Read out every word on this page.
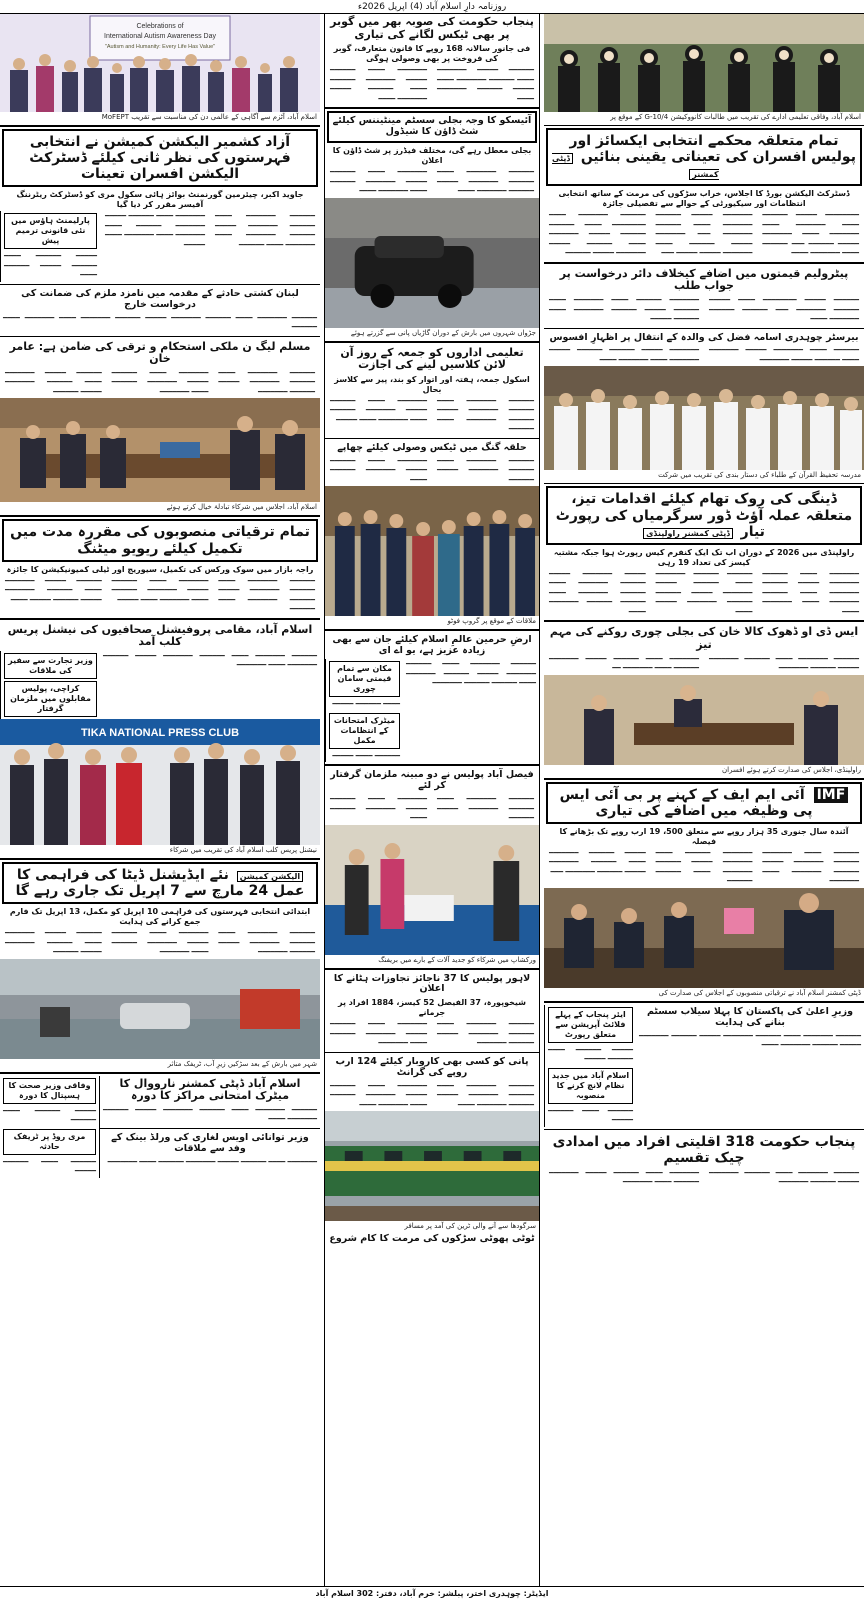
روزنامہ دارِ اسلام آباد (4) اپریل 2026ء
اسلام آباد، وفاقی تعلیمی ادارے کی تقریب میں طالبات کانووکیشن G-10/4 کے موقع پر
تمام متعلقہ محکمے انتخابی ایکسائز اور پولیس افسران کی تعیناتی یقینی بنائیں ڈپٹی کمشنر
ڈسٹرکٹ الیکشن بورڈ کا اجلاس، خراب سڑکوں کی مرمت کے ساتھ انتخابی انتظامات اور سیکیورٹی کے حوالے سے تفصیلی جائزہ
━━━━━━━━ ━━━━━ ━━━━━━ ━━━━ ━━━━━━━ ━━━━ ━━━━━━━ ━━━━ ━━━━━━━ ━━━━━ ━━━━━━ ━━━ ━━━━━━ ━━━━ ━━━━━━━ ━━━━
━━━━━━━ ━━━━━ ━━━━━━ ━━━━━━━ ━━━━ ━━━━━━ ━━━━━━━ ━━━ ━━━━━━━ ━━━━━ ━━━━━━ ━━━━ ━━━━━━━ ━━━━━ ━━━━━ ━━━
━━━━━━ ━━━━━━━ ━━━━ ━━━━━━━━ ━━━━ ━━━━━━ ━━━━━━ ━━━━━ ━━━━━━━ ━━━━ ━━━━━━ ━━━━━ ━━━━━━━ ━━━━━ ━━━━━━
پیٹرولیم قیمتوں میں اضافے کیخلاف دائر درخواست پر جواب طلب
━━━━━━ ━━━━━ ━━━━━━━━ ━━━━ ━━━━━ ━━━━━━ ━━━━━━━ ━━━ ━━━━━━ ━━━━━━ ━━━━━━━ ━━━━
━━━━━━━ ━━━━━━ ━━━━ ━━━━━━━ ━━━━ ━━━━━━ ━━━━━ ━━━━━━ ━━━━━━━ ━━━━ ━━━━━━ ━━━━━
بیرسٹر چوہدری اسامہ فضل کی والدہ کے انتقال پر اظہارِ افسوس
━━━━━━ ━━━━ ━━━━━━━ ━━━━━ ━━━━━━━ ━━━━ ━━━━━━ ━━━━━ ━━━━━━━
━━━━━━━ ━━━━━ ━━━━━━ ━━━━━━ ━━━━━ ━━━━━━━ ━━━━ ━━━━━━━ ━━━━
مدرسہ تحفیظ القرآن کے طلباء کی دستار بندی کی تقریب میں شرکت
ڈینگی کی روک تھام کیلئے اقدامات تیز، متعلقہ عملہ آؤٹ ڈور سرگرمیاں کی رپورٹ تیار ڈپٹی کمشنر راولپنڈی
راولپنڈی میں 2026 کے دوران اب تک ایک کنفرم کیس رپورٹ ہوا جبکہ مشتبہ کیسز کی تعداد 19 رہی
━━━━━━━ ━━━━ ━━━━━━ ━━━━━━━ ━━━━━ ━━━━━━ ━━━━━━━ ━━━━ ━━━━━━ ━━━━━━━ ━━━━ ━━━━━━━ ━━━━
━━━━━━ ━━━━━━ ━━━━━━━ ━━━━ ━━━━━━ ━━━━━ ━━━━━━━ ━━━━━ ━━━━━━ ━━━━━━ ━━━━━━━ ━━━━━ ━━━━
━━━━━ ━━━━━━━ ━━━━━ ━━━━━━ ━━━━━━━ ━━━━ ━━━━━━ ━━━━━━━ ━━━━ ━━━━━━ ━━━━━━ ━━━━━━━ ━━━━
ایس ڈی او ڈھوک کالا خان کی بجلی چوری روکنے کی مہم تیز
━━━━━━ ━━━━━━━ ━━━━ ━━━━━━ ━━━━━━━ ━━━━━ ━━━━━━ ━━━━━━━
━━━━━━━ ━━━━ ━━━━━━ ━━━━━ ━━━━━━━ ━━━━━━ ━━━━ ━━━━━━━ ━━
راولپنڈی، اجلاس کی صدارت کرتے ہوئے افسران
IMF آئی ایم ایف کے کہنے پر بی آئی ایس پی وظیفہ میں اضافے کی تیاری
آئندہ سال جنوری 35 ہزار روپے سے متعلق 500، 19 ارب روپے تک بڑھانے کا فیصلہ
━━━━━━ ━━━━ ━━━━━━━ ━━━━━━ ━━━━━━━ ━━━━━ ━━━━━━ ━━━━━━━ ━━━━ ━━━━━━━
━━━━━━━ ━━━━━━ ━━━━ ━━━━━━━ ━━━━━ ━━━━━━ ━━━━━━━ ━━━━ ━━━━━━ ━━━━━━
━━━━━ ━━━━━━ ━━━━━━━ ━━━━ ━━━━━━ ━━━━━━━ ━━━━━ ━━━━━━ ━━━━━━━ ━━━
ڈپٹی کمشنر اسلام آباد نے ترقیاتی منصوبوں کے اجلاس کی صدارت کی
وزیرِ اعلیٰ کی پاکستان کا پہلا سیلاب سسٹم بنانے کی ہدایت
━━━━━━ ━━━━━━━ ━━━━ ━━━━━━ ━━━━━━━ ━━━━━ ━━━━━━ ━━━━━━━ ━━━━━ ━━━━━━ ━━━━━━━ ━━━━
ایئر پنجاب کے پہلے فلائٹ آپریشن سے متعلق رپورٹ
━━━━━ ━━━━━━ ━━━━ ━━━━━━ ━━━━━
اسلام آباد میں جدید نظام لانچ کرنے کا منصوبہ
━━━━━━ ━━━━ ━━━━━━ ━━━━━
پنجاب حکومت 318 اقلیتی افراد میں امدادی چیک تقسیم
━━━━━━ ━━━━━━━ ━━━━ ━━━━━━ ━━━━━━━ ━━━━━ ━━━━━━ ━━━━━━━
━━━━━━━ ━━━━ ━━━━━━ ━━━━━ ━━━━━━━ ━━━━━━ ━━━━ ━━━━━━━
پنجاب حکومت کی صوبہ بھر میں گوبر پر بھی ٹیکس لگانے کی تیاری
فی جانور سالانہ 168 روپے کا قانون متعارف، گوبر کی فروخت پر بھی وصولی ہوگی
━━━━━━ ━━━━━ ━━━━━━━ ━━━━ ━━━━━━ ━━━━━━━ ━━━━ ━━━━━ ━━━━━━ ━━━━━━━ ━━━━
━━━━━━━ ━━━━ ━━━━━━ ━━━━━ ━━━━━━━ ━━━━━━ ━━━━ ━━━━━━ ━━━━━ ━━━━━━━ ━━━━
آئیسکو کا وجہ بجلی سسٹم مینٹیننس کیلئے شٹ ڈاؤن کا شیڈول
بجلی معطل رہے گی، مختلف فیڈرز پر شٹ ڈاؤن کا اعلان
━━━━━━ ━━━━━━━ ━━━━ ━━━━━━ ━━━━━━━ ━━━━━ ━━━━━━ ━━━━━━━ ━━━━
━━━━━━━ ━━━━ ━━━━━━ ━━━━━ ━━━━━━━ ━━━━━━ ━━━━ ━━━━━━━ ━━━━
جڑواں شہروں میں بارش کے دوران گاڑیاں پانی سے گزرتے ہوئے
تعلیمی اداروں کو جمعہ کے روز آن لائن کلاسیں لینے کی اجازت
اسکول جمعہ، ہفتہ اور اتوار کو بند، پیر سے کلاسز بحال
━━━━━━ ━━━━━━━ ━━━━ ━━━━━━ ━━━━━━━ ━━━━━ ━━━━━━ ━━━━━━━ ━━━━ ━━━━━━
━━━━━━━ ━━━━ ━━━━━━ ━━━━━ ━━━━━━━ ━━━━━━ ━━━━ ━━━━━━━ ━━━━ ━━━━━
حلقہ گنگ میں ٹیکس وصولی کیلئے چھاپے
━━━━━━ ━━━━━━━ ━━━━ ━━━━━━ ━━━━━━━ ━━━━━ ━━━━━━
━━━━━━━ ━━━━ ━━━━━━ ━━━━━ ━━━━━━━ ━━━━━━ ━━━━
ملاقات کے موقع پر گروپ فوٹو
ارضِ حرمین عالمِ اسلام کیلئے جان سے بھی زیادہ عزیز ہے، یو اے ای
━━━━━━ ━━━━━━━ ━━━━ ━━━━━━ ━━━━━━━ ━━━━━ ━━━━━━ ━━━━━━━ ━━━━ ━━━━━━ ━━━━━━ ━━━━━━━
مکان سے تمام قیمتی سامان چوری
━━━━ ━━━━━━ ━━━━━
میٹرک امتحانات کے انتظامات مکمل
━━━━━━ ━━━━ ━━━━━
فیصل آباد پولیس نے دو مبینہ ملزمان گرفتار کر لئے
━━━━━━ ━━━━━━━ ━━━━ ━━━━━━ ━━━━━━━ ━━━━━ ━━━━━━
━━━━━━━ ━━━━ ━━━━━━ ━━━━━ ━━━━━━━ ━━━━━━ ━━━━
ورکشاپ میں شرکاء کو جدید آلات کے بارے میں بریفنگ
لاہور پولیس کا 37 ناجائز تجاوزات ہٹانے کا اعلان
شیخوپورہ، 37 الفیصل 52 کیسز، 1884 افراد پر جرمانے
━━━━━━ ━━━━━━━ ━━━━ ━━━━━━ ━━━━━━━ ━━━━━ ━━━━━━ ━━━━━━━
━━━━━━━ ━━━━ ━━━━━━ ━━━━━ ━━━━━━━ ━━━━━━ ━━━━ ━━━━━━━
پانی کو کسی بھی کاروبار کیلئے 124 ارب روپے کی گرانٹ
━━━━━━ ━━━━━━━ ━━━━ ━━━━━━ ━━━━━━━ ━━━━━ ━━━━━━ ━━━━━━━ ━━━━
━━━━━━━ ━━━━ ━━━━━━ ━━━━━ ━━━━━━━ ━━━━━━ ━━━━ ━━━━━━━ ━━━━
سرگودھا سے آنے والی ٹرین کی آمد پر مسافر
ٹوٹی پھوٹی سڑکوں کی مرمت کا کام شروع
Celebrations of
International Autism Awareness Day
"Autism and Humanity: Every Life Has Value"
اسلام آباد، آٹزم سے آگاہی کے عالمی دن کی مناسبت سے تقریب MoFEPT
آزاد کشمیر الیکشن کمیشن نے انتخابی فہرستوں کی نظر ثانی کیلئے ڈسٹرکٹ الیکشن افسران تعینات
جاوید اکبر، چیئرمین گورنمنٹ بوائز ہائی سکول مری کو ڈسٹرکٹ ریٹرننگ آفیسر مقرر کر دیا گیا
━━━━━━ ━━━━━━━ ━━━━ ━━━━━━ ━━━━━━━ ━━━━━ ━━━━━━ ━━━━━━━ ━━━━ ━━━━━━━ ━━━━ ━━━━━━
━━━━━━━ ━━━━ ━━━━━━ ━━━━━ ━━━━━━━ ━━━━━━ ━━━━ ━━━━━━━ ━━━━ ━━━━━━━ ━━━━ ━━━━━
پارلیمنٹ ہاؤس میں نئی قانونی ترمیم پیش
━━━━━ ━━━━━━ ━━━━ ━━━━━━ ━━━━━ ━━━━━━ ━━━━
لبنان کشتی حادثے کے مقدمہ میں نامزد ملزم کی ضمانت کی درخواست خارج
━━━━━━ ━━━━━━━ ━━━━ ━━━━━━ ━━━━━━━ ━━━━━ ━━━━━━ ━━━━━━━ ━━━━ ━━━━━━━ ━━━━ ━━━━━━
مسلم لیگ ن ملکی استحکام و ترقی کی ضامن ہے: عامر خان
━━━━━━ ━━━━━━━ ━━━━ ━━━━━━ ━━━━━━━ ━━━━━ ━━━━━━ ━━━━━━━
━━━━━━━ ━━━━ ━━━━━━ ━━━━━ ━━━━━━━ ━━━━━━ ━━━━ ━━━━━━━
━━━━━━ ━━━━━ ━━━━━━━ ━━━━ ━━━━━━ ━━━━━━━ ━━━━━ ━━━━━━
اسلام آباد، اجلاس میں شرکاء تبادلۂ خیال کرتے ہوئے
تمام ترقیاتی منصوبوں کی مقررہ مدت میں تکمیل کیلئے ریویو میٹنگ
راجہ بازار میں سوک ورکس کی تکمیل، سیوریج اور ٹیلی کمیونیکیشن کا جائزہ
━━━━━━ ━━━━━━━ ━━━━ ━━━━━━ ━━━━━━━ ━━━━━ ━━━━━━ ━━━━━━━ ━━━━ ━━━━━━
━━━━━━━ ━━━━ ━━━━━━ ━━━━━ ━━━━━━━ ━━━━━━ ━━━━ ━━━━━━━ ━━━━ ━━━━━
━━━━━━ ━━━━━ ━━━━━━━ ━━━━ ━━━━━━ ━━━━━━━ ━━━━━ ━━━━━━ ━━━━━ ━━━━
اسلام آباد، مقامی پروفیشنل صحافیوں کی نیشنل پریس کلب آمد
━━━━━━ ━━━━━━━ ━━━━ ━━━━━━ ━━━━━━━ ━━━━━ ━━━━━━ ━━━━━━━ ━━━━ ━━━━━━━
وزیر تجارت سے سفیر کی ملاقات
کراچی، پولیس مقابلوں میں ملزمان گرفتار
TIKA NATIONAL PRESS CLUB
نیشنل پریس کلب اسلام آباد کی تقریب میں شرکاء
الیکشن کمیشن نئے ایڈیشنل ڈیٹا کی فراہمی کا عمل 24 مارچ سے 7 اپریل تک جاری رہے گا
ابتدائی انتخابی فہرستوں کی فراہمی 10 اپریل کو مکمل، 13 اپریل تک فارم جمع کرانے کی ہدایت
━━━━━━ ━━━━━━━ ━━━━ ━━━━━━ ━━━━━━━ ━━━━━ ━━━━━━ ━━━━━━━
━━━━━━━ ━━━━ ━━━━━━ ━━━━━ ━━━━━━━ ━━━━━━ ━━━━ ━━━━━━━
━━━━━━ ━━━━━ ━━━━━━━ ━━━━ ━━━━━━ ━━━━━━━ ━━━━━ ━━━━━━
شہر میں بارش کے بعد سڑکیں زیرِ آب، ٹریفک متاثر
اسلام آباد ڈپٹی کمشنر نارووال کا میٹرک امتحانی مراکز کا دورہ
━━━━━━ ━━━━━━━ ━━━━ ━━━━━━ ━━━━━━━ ━━━━━ ━━━━━━ ━━━━━━━ ━━━━
وزیر توانائی اویس لغاری کی ورلڈ بینک کے وفد سے ملاقات
━━━━━━━ ━━━━ ━━━━━━ ━━━━━ ━━━━━━━ ━━━━━━ ━━━━ ━━━━━━━
وفاقی وزیر صحت کا ہسپتال کا دورہ
━━━━━ ━━━━━━ ━━━━ ━━━━━━
مری روڈ پر ٹریفک حادثہ
━━━━━━ ━━━━ ━━━━━━ ━━━━━
ایڈیٹر: چوہدری اختر، پبلشر: خرم آباد، دفتر: 302 اسلام آباد
